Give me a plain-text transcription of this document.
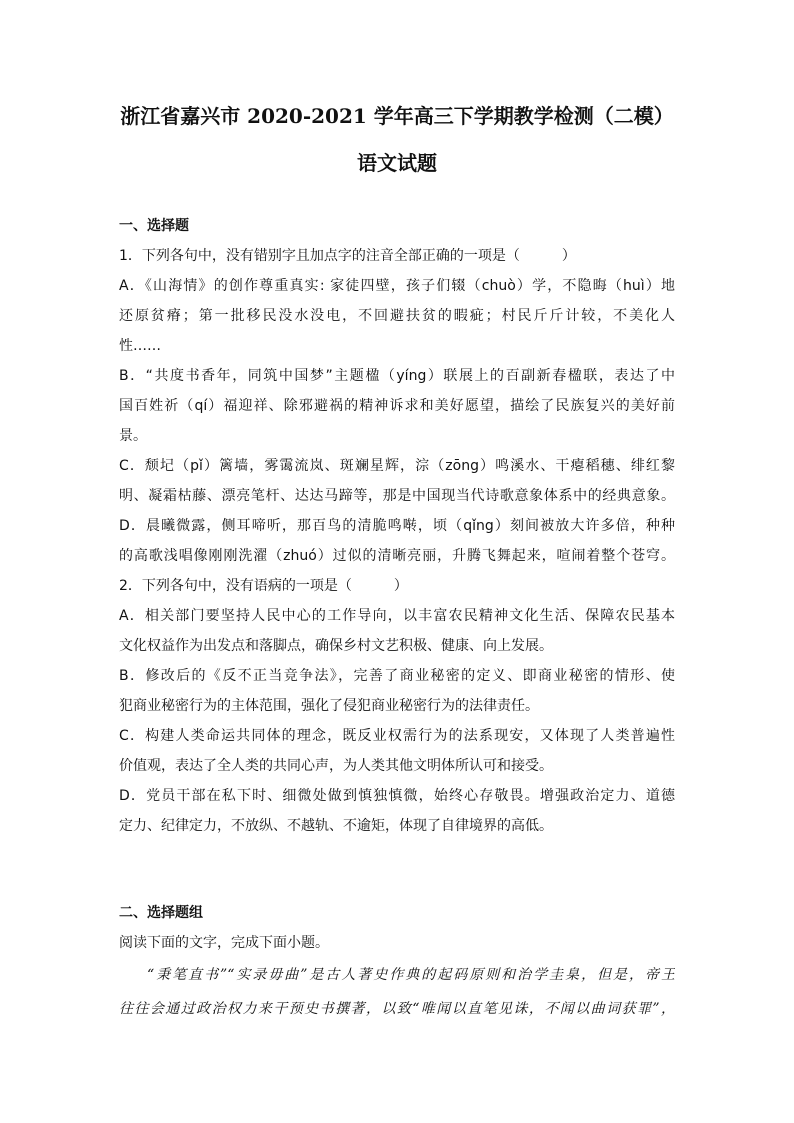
浙江省嘉兴市 2020-2021 学年高三下学期教学检测（二模）
语文试题
一、选择题
1．下列各句中，没有错别字且加点字的注音全部正确的一项是（　　　）
A．《山海情》的创作尊重真实: 家徒四壁，孩子们辍（chuò）学，不隐晦（huì）地
还原贫瘠；第一批移民没水没电，不回避扶贫的暇疵；村民斤斤计较，不美化人
性……
B．“共度书香年，同筑中国梦”主题楹（yíng）联展上的百副新春楹联，表达了中
国百姓祈（qí）福迎祥、除邪避祸的精神诉求和美好愿望，描绘了民族复兴的美好前
景。
C．颓圮（pǐ）篱墙，雾霭流岚、斑斓星辉，淙（zōng）鸣溪水、干瘪稻穗、绯红黎
明、凝霜枯藤、漂亮笔杆、达达马蹄等，那是中国现当代诗歌意象体系中的经典意象。
D．晨曦微露，侧耳啼听，那百鸟的清脆鸣啭，顷（qǐng）刻间被放大许多倍，种种
的高歌浅唱像刚刚洗濯（zhuó）过似的清晰亮丽，升腾飞舞起来，喧闹着整个苍穹。
2．下列各句中，没有语病的一项是（　　　）
A．相关部门要坚持人民中心的工作导向，以丰富农民精神文化生活、保障农民基本
文化权益作为出发点和落脚点，确保乡村文艺积极、健康、向上发展。
B．修改后的《反不正当竞争法》，完善了商业秘密的定义、即商业秘密的情形、使
犯商业秘密行为的主体范围，强化了侵犯商业秘密行为的法律责任。
C．构建人类命运共同体的理念，既反业权需行为的法系现安，又体现了人类普遍性
价值观，表达了全人类的共同心声，为人类其他文明体所认可和接受。
D．党员干部在私下时、细微处做到慎独慎微，始终心存敬畏。增强政治定力、道德
定力、纪律定力，不放纵、不越轨、不逾矩，体现了自律境界的高低。
二、选择题组
阅读下面的文字，完成下面小题。
“秉笔直书”“实录毋曲”是古人著史作典的起码原则和治学圭臬，但是，帝王
往往会通过政治权力来干预史书撰著，以致“唯闻以直笔见诛，不闻以曲词获罪”，
